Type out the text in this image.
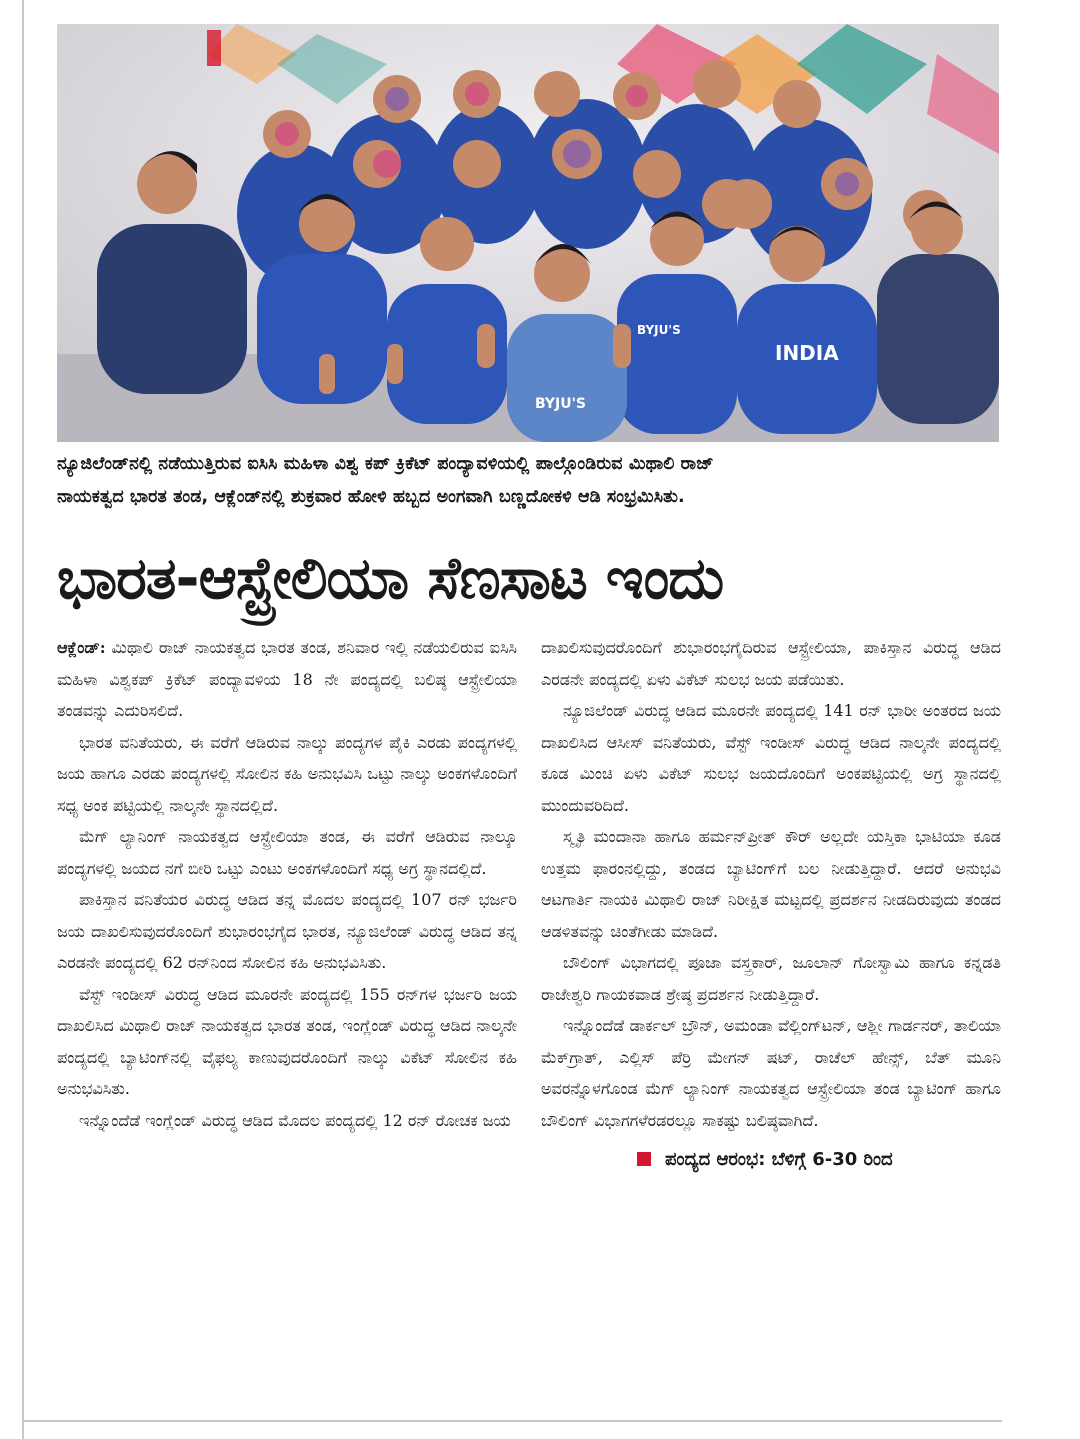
BYJU'S
INDIA
BYJU'S
ನ್ಯೂಜಿಲೆಂಡ್‌ನಲ್ಲಿ ನಡೆಯುತ್ತಿರುವ ಐಸಿಸಿ ಮಹಿಳಾ ವಿಶ್ವ ಕಪ್ ಕ್ರಿಕೆಟ್ ಪಂದ್ಯಾವಳಿಯಲ್ಲಿ ಪಾಲ್ಗೊಂಡಿರುವ ಮಿಥಾಲಿ ರಾಜ್
ನಾಯಕತ್ವದ ಭಾರತ ತಂಡ, ಆಕ್ಲೆಂಡ್‌ನಲ್ಲಿ ಶುಕ್ರವಾರ ಹೋಳಿ ಹಬ್ಬದ ಅಂಗವಾಗಿ ಬಣ್ಣದೋಕಳಿ ಆಡಿ ಸಂಭ್ರಮಿಸಿತು.
ಭಾರತ-ಆಸ್ಟ್ರೇಲಿಯಾ ಸೆಣಸಾಟ ಇಂದು

ಆಕ್ಲೆಂಡ್: ಮಿಥಾಲಿ ರಾಜ್ ನಾಯಕತ್ವದ ಭಾರತ ತಂಡ, ಶನಿವಾರ ಇಲ್ಲಿ ನಡೆಯಲಿರುವ ಐಸಿಸಿ ಮಹಿಳಾ ವಿಶ್ವಕಪ್ ಕ್ರಿಕೆಟ್ ಪಂದ್ಯಾವಳಿಯ 18 ನೇ ಪಂದ್ಯದಲ್ಲಿ ಬಲಿಷ್ಠ ಆಸ್ಟ್ರೇಲಿಯಾ ತಂಡವನ್ನು ಎದುರಿಸಲಿದೆ.

ಭಾರತ ವನಿತೆಯರು, ಈ ವರೆಗೆ ಆಡಿರುವ ನಾಲ್ಕು ಪಂದ್ಯಗಳ ಪೈಕಿ ಎರಡು ಪಂದ್ಯಗಳಲ್ಲಿ ಜಯ ಹಾಗೂ ಎರಡು ಪಂದ್ಯಗಳಲ್ಲಿ ಸೋಲಿನ ಕಹಿ ಅನುಭವಿಸಿ ಒಟ್ಟು ನಾಲ್ಕು ಅಂಕಗಳೊಂದಿಗೆ ಸಧ್ಯ ಅಂಕ ಪಟ್ಟಿಯಲ್ಲಿ ನಾಲ್ಕನೇ ಸ್ಥಾನದಲ್ಲಿದೆ.

ಮೆಗ್ ಲ್ಯಾನಿಂಗ್ ನಾಯಕತ್ವದ ಆಸ್ಟ್ರೇಲಿಯಾ ತಂಡ, ಈ ವರೆಗೆ ಆಡಿರುವ ನಾಲ್ಕೂ ಪಂದ್ಯಗಳಲ್ಲಿ ಜಯದ ನಗೆ ಬೀರಿ ಒಟ್ಟು ಎಂಟು ಅಂಕಗಳೊಂದಿಗೆ ಸಧ್ಯ ಅಗ್ರ ಸ್ಥಾನದಲ್ಲಿದೆ.

ಪಾಕಿಸ್ತಾನ ವನಿತೆಯರ ವಿರುದ್ಧ ಆಡಿದ ತನ್ನ ಮೊದಲ ಪಂದ್ಯದಲ್ಲಿ 107 ರನ್ ಭರ್ಜರಿ ಜಯ ದಾಖಲಿಸುವುದರೊಂದಿಗೆ ಶುಭಾರಂಭಗೈದ ಭಾರತ, ನ್ಯೂಜಿಲೆಂಡ್ ವಿರುದ್ಧ ಆಡಿದ ತನ್ನ ಎರಡನೇ ಪಂದ್ಯದಲ್ಲಿ 62 ರನ್‌ನಿಂದ ಸೋಲಿನ ಕಹಿ ಅನುಭವಿಸಿತು.

ವೆಸ್ಟ್ ಇಂಡೀಸ್ ವಿರುದ್ಧ ಆಡಿದ ಮೂರನೇ ಪಂದ್ಯದಲ್ಲಿ 155 ರನ್‌ಗಳ ಭರ್ಜರಿ ಜಯ ದಾಖಲಿಸಿದ ಮಿಥಾಲಿ ರಾಜ್ ನಾಯಕತ್ವದ ಭಾರತ ತಂಡ, ಇಂಗ್ಲೆಂಡ್ ವಿರುದ್ಧ ಆಡಿದ ನಾಲ್ಕನೇ ಪಂದ್ಯದಲ್ಲಿ ಬ್ಯಾಟಿಂಗ್‌ನಲ್ಲಿ ವೈಫಲ್ಯ ಕಾಣುವುದರೊಂದಿಗೆ ನಾಲ್ಕು ವಿಕೆಟ್ ಸೋಲಿನ ಕಹಿ ಅನುಭವಿಸಿತು.

ಇನ್ನೊಂದೆಡೆ ಇಂಗ್ಲೆಂಡ್ ವಿರುದ್ಧ ಆಡಿದ ಮೊದಲ ಪಂದ್ಯದಲ್ಲಿ 12 ರನ್ ರೋಚಕ ಜಯ

ದಾಖಲಿಸುವುದರೊಂದಿಗೆ ಶುಭಾರಂಭಗೈದಿರುವ ಆಸ್ಟ್ರೇಲಿಯಾ, ಪಾಕಿಸ್ತಾನ ವಿರುದ್ಧ ಆಡಿದ ಎರಡನೇ ಪಂದ್ಯದಲ್ಲಿ ಏಳು ವಿಕೆಟ್ ಸುಲಭ ಜಯ ಪಡೆಯಿತು.

ನ್ಯೂಜಿಲೆಂಡ್ ವಿರುದ್ಧ ಆಡಿದ ಮೂರನೇ ಪಂದ್ಯದಲ್ಲಿ 141 ರನ್ ಭಾರೀ ಅಂತರದ ಜಯ ದಾಖಲಿಸಿದ ಆಸೀಸ್ ವನಿತೆಯರು, ವೆಸ್ಟ್ ಇಂಡೀಸ್ ವಿರುದ್ಧ ಆಡಿದ ನಾಲ್ಕನೇ ಪಂದ್ಯದಲ್ಲಿ ಕೂಡ ಮಿಂಚಿ ಏಳು ವಿಕೆಟ್ ಸುಲಭ ಜಯದೊಂದಿಗೆ ಅಂಕಪಟ್ಟಿಯಲ್ಲಿ ಅಗ್ರ ಸ್ಥಾನದಲ್ಲಿ ಮುಂದುವರಿದಿದೆ.

ಸ್ಮೃತಿ ಮಂದಾನಾ ಹಾಗೂ ಹರ್ಮನ್‌ಪ್ರೀತ್ ಕೌರ್ ಅಲ್ಲದೇ ಯಸ್ತಿಕಾ ಭಾಟಿಯಾ ಕೂಡ ಉತ್ತಮ ಫಾರಂನಲ್ಲಿದ್ದು, ತಂಡದ ಬ್ಯಾಟಿಂಗ್‌ಗೆ ಬಲ ನೀಡುತ್ತಿದ್ದಾರೆ. ಆದರೆ ಅನುಭವಿ ಆಟಗಾರ್ತಿ ನಾಯಕಿ ಮಿಥಾಲಿ ರಾಜ್ ನಿರೀಕ್ಷಿತ ಮಟ್ಟದಲ್ಲಿ ಪ್ರದರ್ಶನ ನೀಡದಿರುವುದು ತಂಡದ ಆಡಳಿತವನ್ನು ಚಿಂತೆಗೀಡು ಮಾಡಿದೆ.

ಬೌಲಿಂಗ್ ವಿಭಾಗದಲ್ಲಿ ಪೂಜಾ ವಸ್ತ್ರಕಾರ್, ಜೂಲಾನ್ ಗೋಸ್ವಾಮಿ ಹಾಗೂ ಕನ್ನಡತಿ ರಾಜೇಶ್ವರಿ ಗಾಯಕವಾಡ ಶ್ರೇಷ್ಠ ಪ್ರದರ್ಶನ ನೀಡುತ್ತಿದ್ದಾರೆ.

ಇನ್ನೊಂದೆಡೆ ಡಾರ್ಕಲ್ ಬ್ರೌನ್, ಅಮಂಡಾ ವೆಲ್ಲಿಂಗ್‌ಟನ್, ಆಶ್ಲೀ ಗಾರ್ಡನರ್, ತಾಲಿಯಾ ಮೆಕ್‌ಗ್ರಾತ್, ಎಲ್ಲಿಸ್ ಪೆರ್ರಿ ಮೇಗನ್ ಷಟ್, ರಾಚೆಲ್ ಹೇನ್ಸ್, ಬೆತ್ ಮೂನಿ ಅವರನ್ನೊಳಗೊಂಡ ಮೆಗ್ ಲ್ಯಾನಿಂಗ್ ನಾಯಕತ್ವದ ಆಸ್ಟ್ರೇಲಿಯಾ ತಂಡ ಬ್ಯಾಟಿಂಗ್ ಹಾಗೂ ಬೌಲಿಂಗ್ ವಿಭಾಗಗಳೆರಡರಲ್ಲೂ ಸಾಕಷ್ಟು ಬಲಿಷ್ಠವಾಗಿದೆ.

ಪಂದ್ಯದ ಆರಂಭ: ಬೆಳಿಗ್ಗೆ 6-30 ರಿಂದ
